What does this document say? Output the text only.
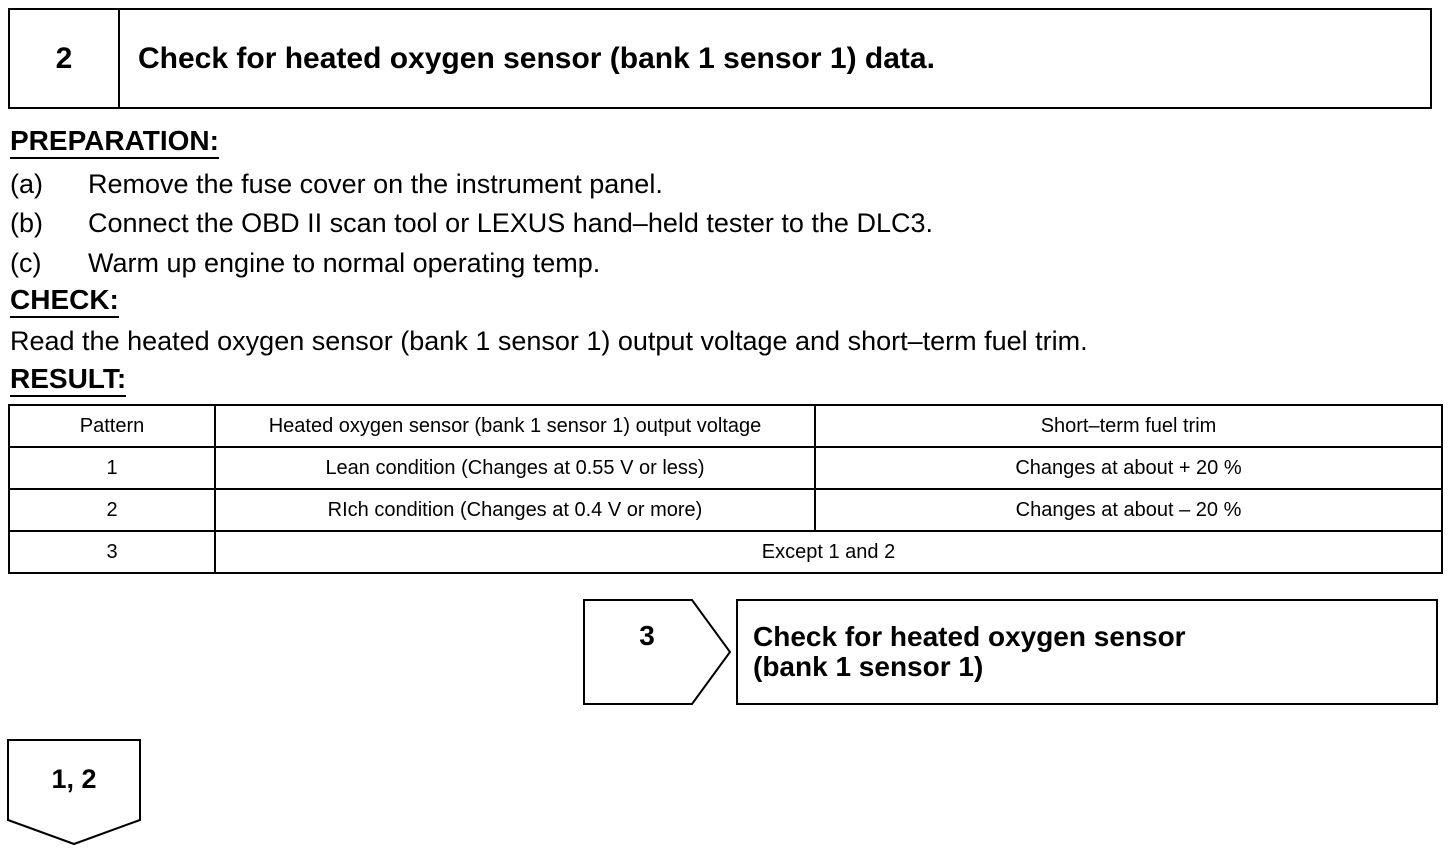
2	Check for heated oxygen sensor (bank 1 sensor 1) data.
PREPARATION:
(a)	Remove the fuse cover on the instrument panel.
(b)	Connect the OBD II scan tool or LEXUS hand–held tester to the DLC3.
(c)	Warm up engine to normal operating temp.
CHECK:
Read the heated oxygen sensor (bank 1 sensor 1) output voltage and short–term fuel trim.
RESULT:
Pattern	Heated oxygen sensor (bank 1 sensor 1) output voltage	Short–term fuel trim
1	Lean condition (Changes at 0.55 V or less)	Changes at about + 20 %
2	RIch condition (Changes at 0.4 V or more)	Changes at about – 20 %
3	Except 1 and 2	
3	Check for heated oxygen sensor
(bank 1 sensor 1)
1, 2
